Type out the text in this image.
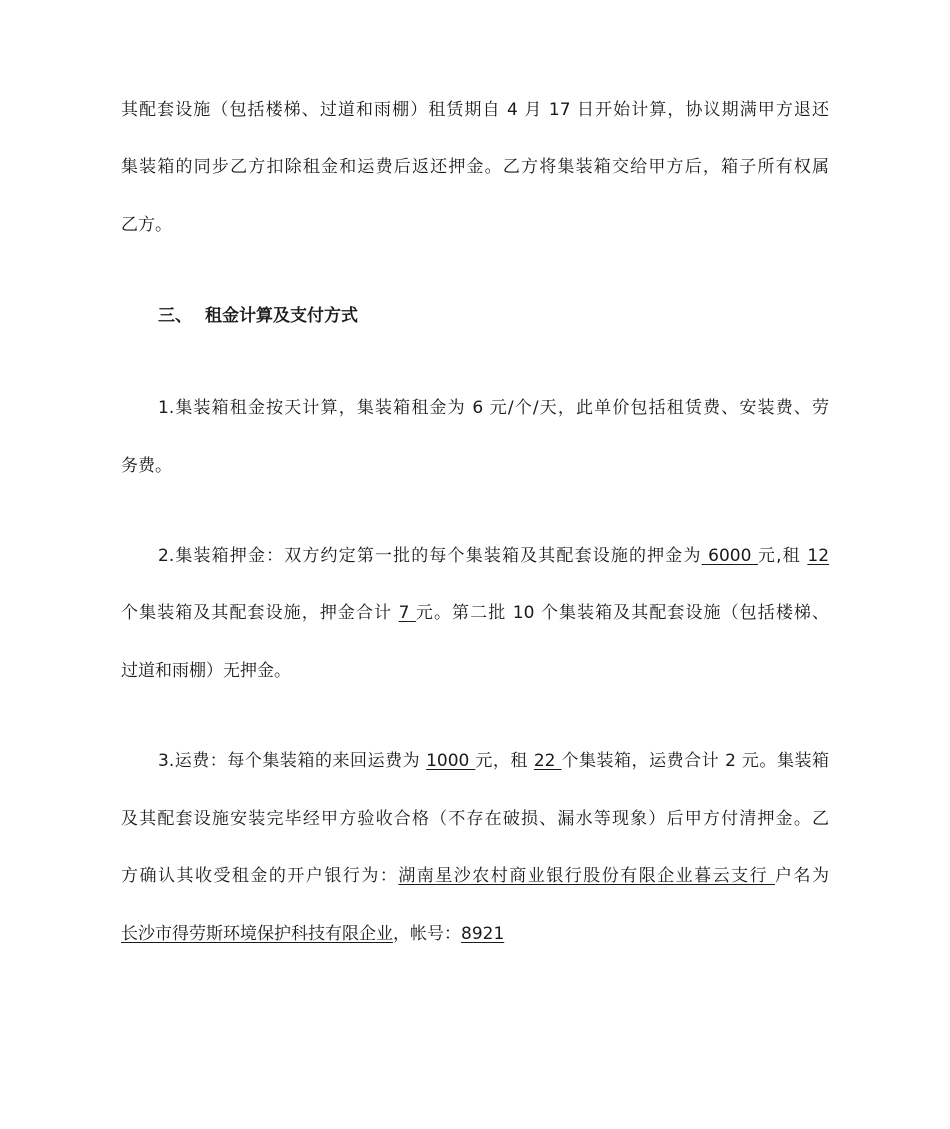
其配套设施（包括楼梯、过道和雨棚）租赁期自 4 月 17 日开始计算，协议期满甲方退还
集装箱的同步乙方扣除租金和运费后返还押金。乙方将集装箱交给甲方后，箱子所有权属
乙方。
三、 租金计算及支付方式
1.集装箱租金按天计算，集装箱租金为 6 元/个/天，此单价包括租赁费、安装费、劳
务费。
2.集装箱押金：双方约定第一批的每个集装箱及其配套设施的押金为 6000 元,租 12
个集装箱及其配套设施，押金合计 7 元。第二批 10 个集装箱及其配套设施（包括楼梯、
过道和雨棚）无押金。
3.运费：每个集装箱的来回运费为 1000 元，租 22 个集装箱，运费合计 2 元。集装箱
及其配套设施安装完毕经甲方验收合格（不存在破损、漏水等现象）后甲方付清押金。乙
方确认其收受租金的开户银行为：湖南星沙农村商业银行股份有限企业暮云支行 户名为
长沙市得劳斯环境保护科技有限企业，帐号：8921
